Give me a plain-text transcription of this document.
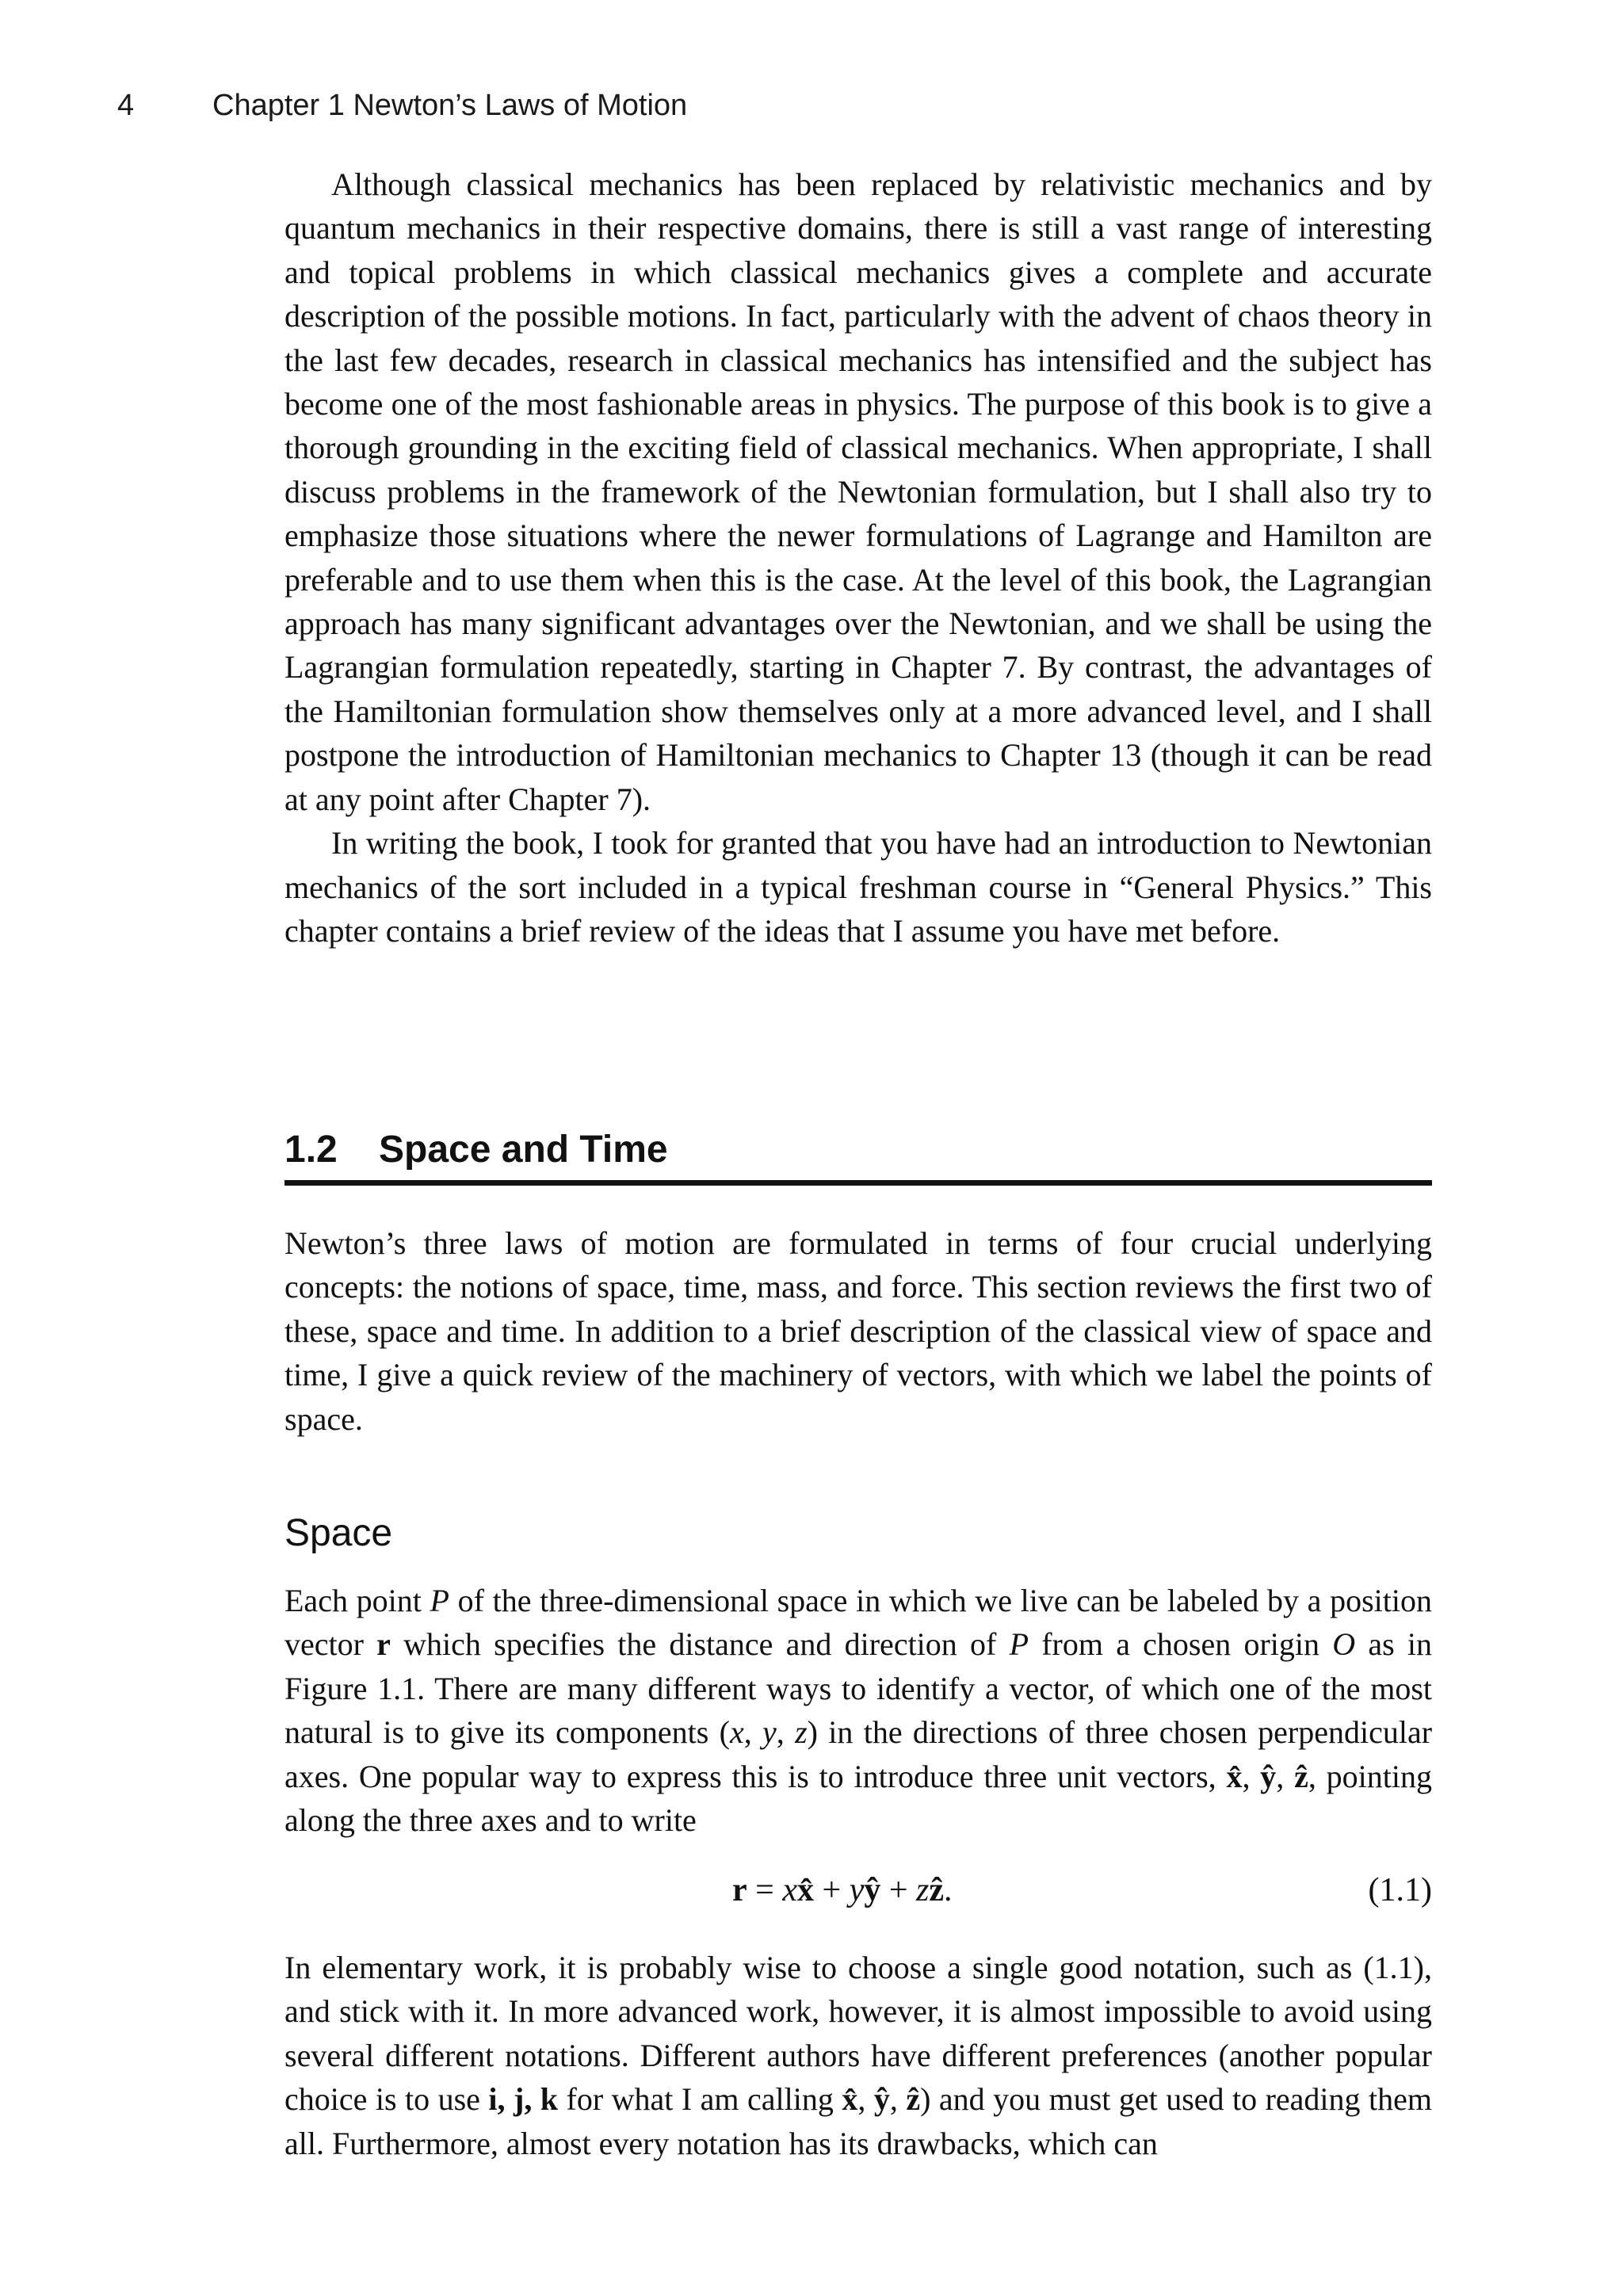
4	Chapter 1 Newton’s Laws of Motion

Although classical mechanics has been replaced by relativistic mechanics and by quantum mechanics in their respective domains, there is still a vast range of interesting and topical problems in which classical mechanics gives a complete and accurate description of the possible motions. In fact, particularly with the advent of chaos theory in the last few decades, research in classical mechanics has intensified and the subject has become one of the most fashionable areas in physics. The purpose of this book is to give a thorough grounding in the exciting field of classical mechanics. When appropriate, I shall discuss problems in the framework of the Newtonian formulation, but I shall also try to emphasize those situations where the newer formulations of Lagrange and Hamilton are preferable and to use them when this is the case. At the level of this book, the Lagrangian approach has many significant advantages over the Newtonian, and we shall be using the Lagrangian formulation repeatedly, starting in Chapter 7. By contrast, the advantages of the Hamiltonian formulation show themselves only at a more advanced level, and I shall postpone the introduction of Hamiltonian mechanics to Chapter 13 (though it can be read at any point after Chapter 7).

In writing the book, I took for granted that you have had an introduction to Newtonian mechanics of the sort included in a typical freshman course in “General Physics.” This chapter contains a brief review of the ideas that I assume you have met before.

1.2 Space and Time

Newton’s three laws of motion are formulated in terms of four crucial underlying concepts: the notions of space, time, mass, and force. This section reviews the first two of these, space and time. In addition to a brief description of the classical view of space and time, I give a quick review of the machinery of vectors, with which we label the points of space.

Space

Each point P of the three-dimensional space in which we live can be labeled by a position vector r which specifies the distance and direction of P from a chosen origin O as in Figure 1.1. There are many different ways to identify a vector, of which one of the most natural is to give its components (x, y, z) in the directions of three chosen perpendicular axes. One popular way to express this is to introduce three unit vectors, x̂, ŷ, ẑ, pointing along the three axes and to write

r = xx̂ + yŷ + zẑ.	(1.1)

In elementary work, it is probably wise to choose a single good notation, such as (1.1), and stick with it. In more advanced work, however, it is almost impossible to avoid using several different notations. Different authors have different preferences (another popular choice is to use i, j, k for what I am calling x̂, ŷ, ẑ) and you must get used to reading them all. Furthermore, almost every notation has its drawbacks, which can
